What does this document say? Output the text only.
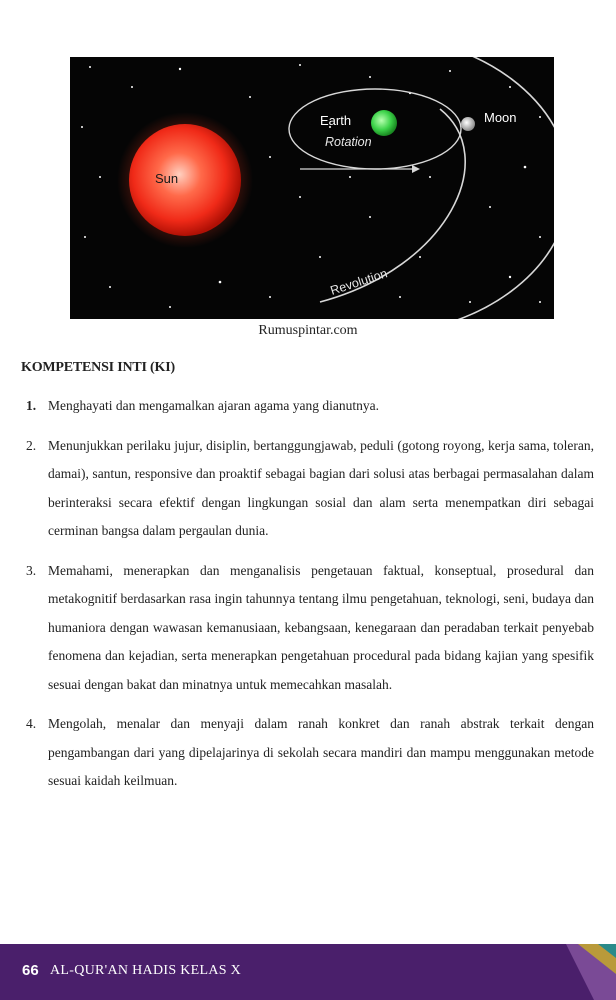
Sun
Earth
Rotation
Moon
Revolution
Rumuspintar.com
KOMPETENSI INTI (KI)
1. Menghayati dan mengamalkan ajaran agama yang dianutnya.
2. Menunjukkan perilaku jujur, disiplin, bertanggungjawab, peduli (gotong royong, kerja sama, toleran, damai), santun, responsive dan proaktif sebagai bagian dari solusi atas berbagai permasalahan dalam berinteraksi secara efektif dengan lingkungan sosial dan alam serta menempatkan diri sebagai cerminan bangsa dalam pergaulan dunia.
3. Memahami, menerapkan dan menganalisis pengetauan faktual, konseptual, prosedural dan metakognitif berdasarkan rasa ingin tahunnya tentang ilmu pengetahuan, teknologi, seni, budaya dan humaniora dengan wawasan kemanusiaan, kebangsaan, kenegaraan dan peradaban terkait penyebab fenomena dan kejadian, serta menerapkan pengetahuan procedural pada bidang kajian yang spesifik sesuai dengan bakat dan minatnya untuk memecahkan masalah.
4. Mengolah, menalar dan menyaji dalam ranah konkret dan ranah abstrak terkait dengan pengambangan dari yang dipelajarinya di sekolah secara mandiri dan mampu menggunakan metode sesuai kaidah keilmuan.
66 AL-QUR'AN HADIS KELAS X
